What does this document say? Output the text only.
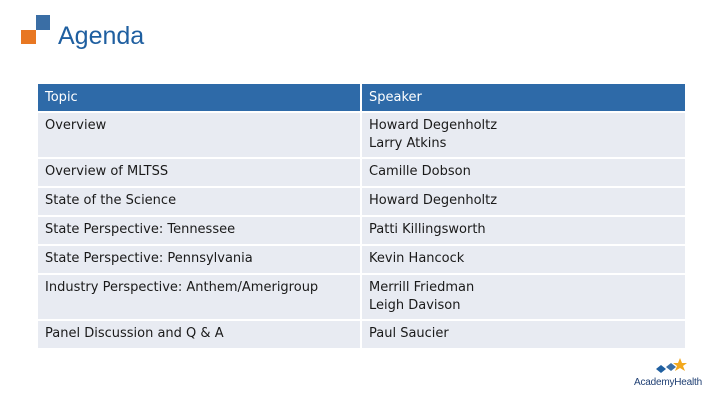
Agenda
Topic	Speaker
Overview	Howard Degenholtz
Larry Atkins
Overview of MLTSS	Camille Dobson
State of the Science	Howard Degenholtz
State Perspective: Tennessee	Patti Killingsworth
State Perspective: Pennsylvania	Kevin Hancock
Industry Perspective: Anthem/Amerigroup	Merrill Friedman
Leigh Davison
Panel Discussion and Q & A	Paul Saucier
AcademyHealth
